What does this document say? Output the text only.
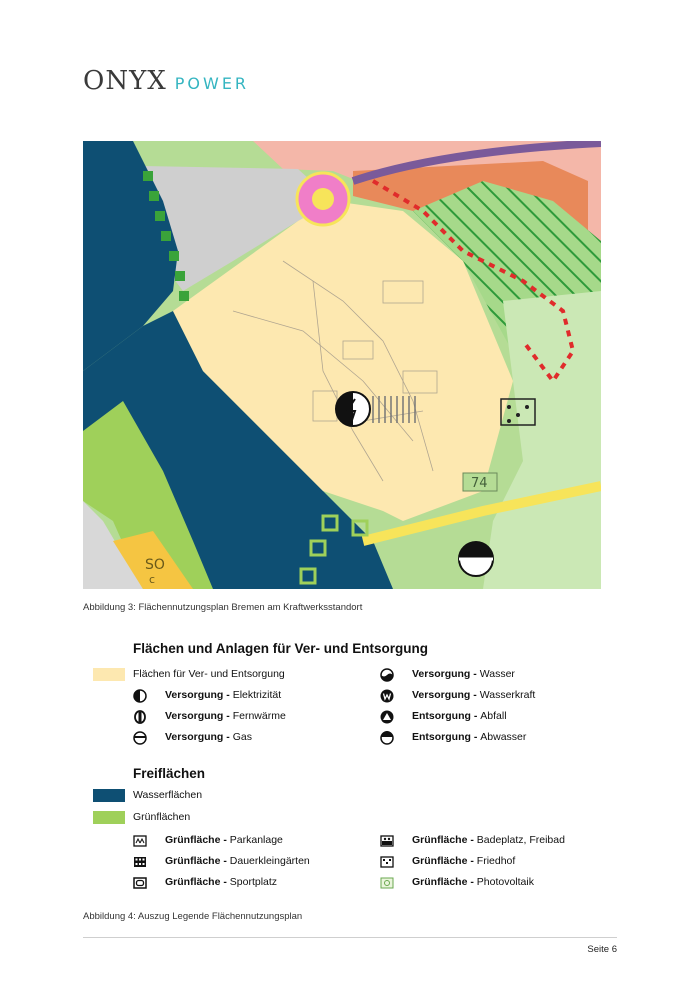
ONYX POWER
SO
c
74
Abbildung 3: Flächennutzungsplan Bremen am Kraftwerksstandort
Flächen und Anlagen für Ver- und Entsorgung
Flächen für Ver- und Entsorgung
Versorgung - Elektrizität
Versorgung - Fernwärme
Versorgung - Gas
Versorgung - Wasser
Versorgung - Wasserkraft
Entsorgung - Abfall
Entsorgung - Abwasser
Freiflächen
Wasserflächen
Grünflächen
Grünfläche - Parkanlage
Grünfläche - Dauerkleingärten
Grünfläche - Sportplatz
Grünfläche - Badeplatz, Freibad
Grünfläche - Friedhof
Grünfläche - Photovoltaik
Abbildung 4: Auszug Legende Flächennutzungsplan
Seite 6
